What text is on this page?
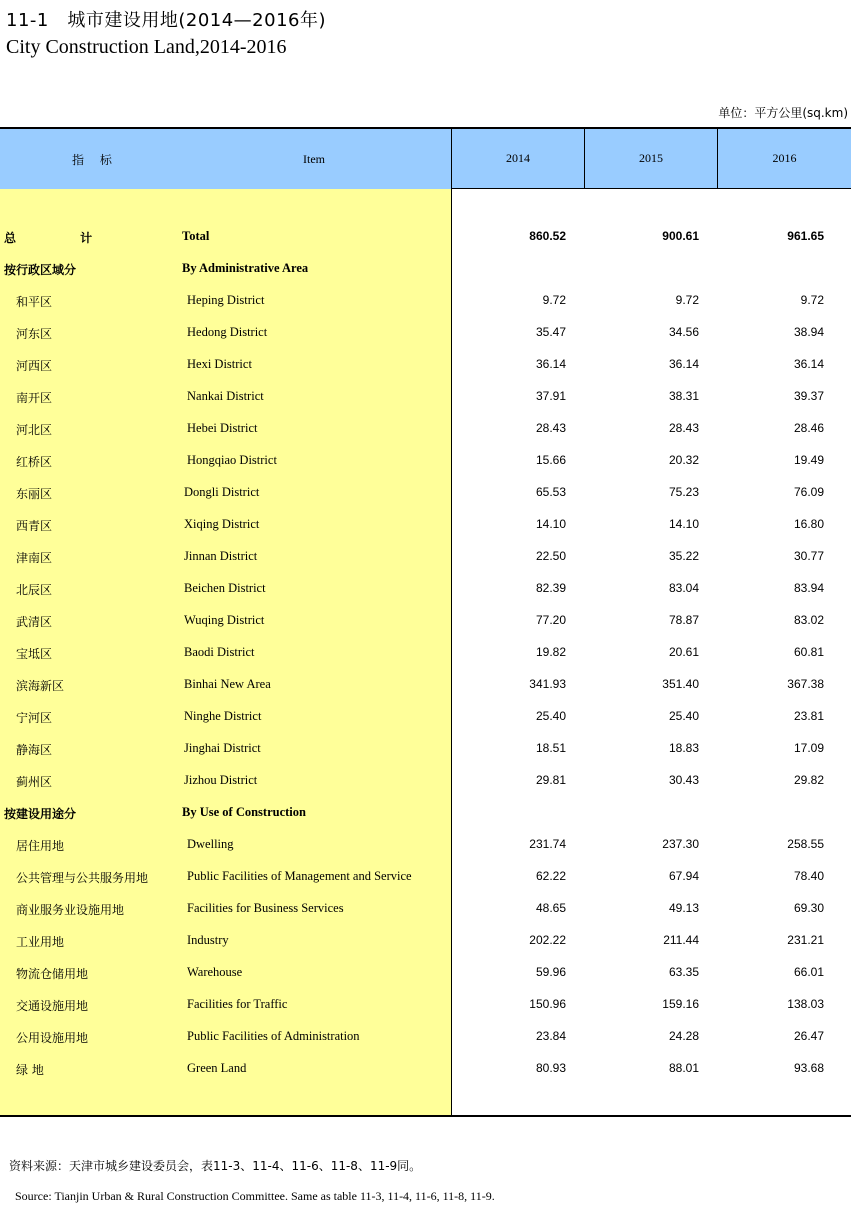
11-1　城市建设用地(2014—2016年)
City Construction Land,2014-2016
单位：平方公里(sq.km)
指 标	Item	2014	2015	2016
总 计	Total	860.52	900.61	961.65
按行政区域分	By Administrative Area
和平区	Heping District	9.72	9.72	9.72
河东区	Hedong District	35.47	34.56	38.94
河西区	Hexi District	36.14	36.14	36.14
南开区	Nankai District	37.91	38.31	39.37
河北区	Hebei District	28.43	28.43	28.46
红桥区	Hongqiao District	15.66	20.32	19.49
东丽区	Dongli District	65.53	75.23	76.09
西青区	Xiqing District	14.10	14.10	16.80
津南区	Jinnan District	22.50	35.22	30.77
北辰区	Beichen District	82.39	83.04	83.94
武清区	Wuqing District	77.20	78.87	83.02
宝坻区	Baodi District	19.82	20.61	60.81
滨海新区	Binhai New Area	341.93	351.40	367.38
宁河区	Ninghe District	25.40	25.40	23.81
静海区	Jinghai District	18.51	18.83	17.09
蓟州区	Jizhou District	29.81	30.43	29.82
按建设用途分	By Use of Construction
居住用地	Dwelling	231.74	237.30	258.55
公共管理与公共服务用地	Public Facilities of Management and Service	62.22	67.94	78.40
商业服务业设施用地	Facilities for Business Services	48.65	49.13	69.30
工业用地	Industry	202.22	211.44	231.21
物流仓储用地	Warehouse	59.96	63.35	66.01
交通设施用地	Facilities for Traffic	150.96	159.16	138.03
公用设施用地	Public Facilities of Administration	23.84	24.28	26.47
绿 地	Green Land	80.93	88.01	93.68
资料来源：天津市城乡建设委员会，表11-3、11-4、11-6、11-8、11-9同。
Source: Tianjin Urban & Rural Construction Committee. Same as table 11-3, 11-4, 11-6, 11-8, 11-9.
